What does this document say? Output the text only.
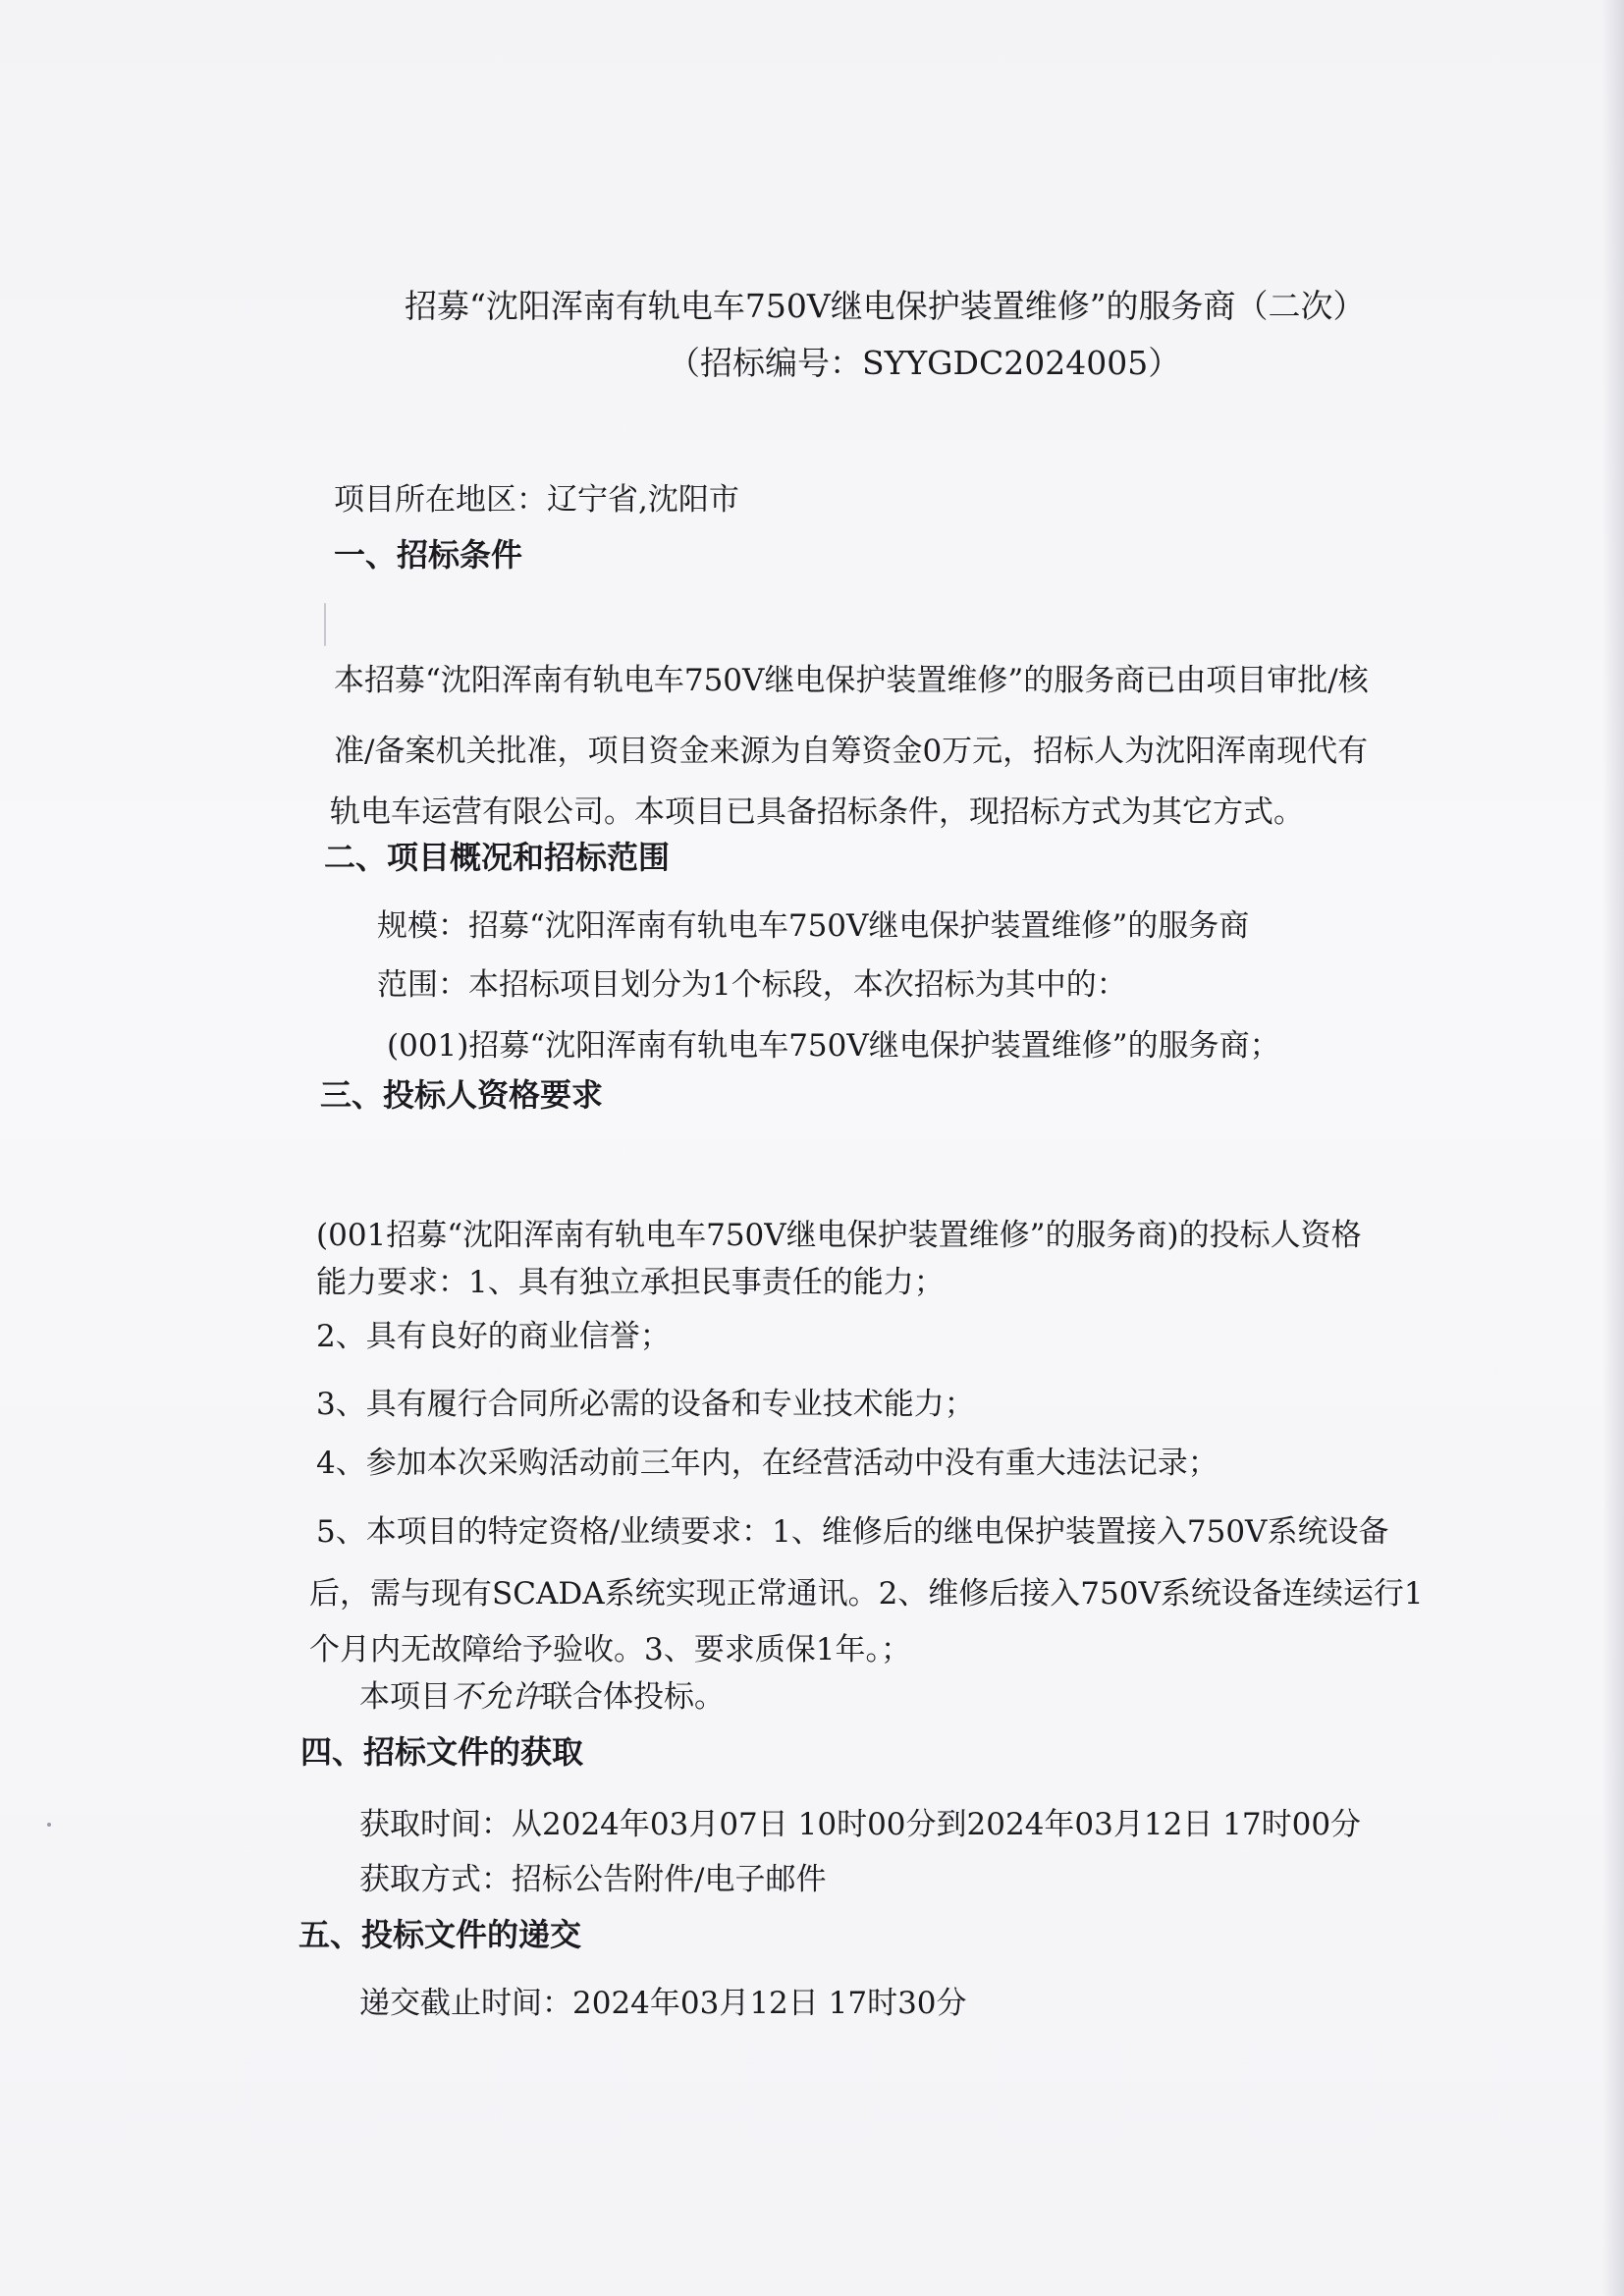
招募“沈阳浑南有轨电车750V继电保护装置维修”的服务商（二次）
（招标编号：SYYGDC2024005）
项目所在地区：辽宁省,沈阳市
一、招标条件
本招募“沈阳浑南有轨电车750V继电保护装置维修”的服务商已由项目审批/核
准/备案机关批准，项目资金来源为自筹资金0万元，招标人为沈阳浑南现代有
轨电车运营有限公司。本项目已具备招标条件，现招标方式为其它方式。
二、项目概况和招标范围
规模：招募“沈阳浑南有轨电车750V继电保护装置维修”的服务商
范围：本招标项目划分为1个标段，本次招标为其中的：
(001)招募“沈阳浑南有轨电车750V继电保护装置维修”的服务商；
三、投标人资格要求
(001招募“沈阳浑南有轨电车750V继电保护装置维修”的服务商)的投标人资格
能力要求：1、具有独立承担民事责任的能力；
2、具有良好的商业信誉；
3、具有履行合同所必需的设备和专业技术能力；
4、参加本次采购活动前三年内，在经营活动中没有重大违法记录；
5、本项目的特定资格/业绩要求：1、维修后的继电保护装置接入750V系统设备
后，需与现有SCADA系统实现正常通讯。2、维修后接入750V系统设备连续运行1
个月内无故障给予验收。3、要求质保1年。；
本项目不允许联合体投标。
四、招标文件的获取
获取时间：从2024年03月07日 10时00分到2024年03月12日 17时00分
获取方式：招标公告附件/电子邮件
五、投标文件的递交
递交截止时间：2024年03月12日 17时30分
